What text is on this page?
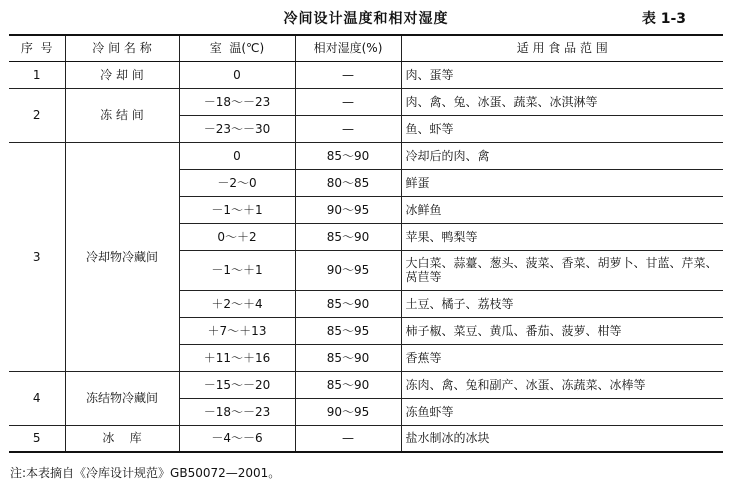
冷间设计温度和相对湿度	表 1-3
序  号	冷 间 名 称	室  温(℃)	相对湿度(%)	适 用 食 品 范 围
1	冷 却 间	0	—	肉、蛋等
2	冻 结 间	－18～－23	—	肉、禽、兔、冰蛋、蔬菜、冰淇淋等
		－23～－30	—	鱼、虾等
3	冷却物冷藏间	0	85～90	冷却后的肉、禽
		－2～0	80～85	鲜蛋
		－1～＋1	90～95	冰鲜鱼
		0～＋2	85～90	苹果、鸭梨等
		－1～＋1	90～95	大白菜、蒜薹、葱头、菠菜、香菜、胡萝卜、甘蓝、芹菜、莴苣等
		＋2～＋4	85～90	土豆、橘子、荔枝等
		＋7～＋13	85～95	柿子椒、菜豆、黄瓜、番茄、菠萝、柑等
		＋11～＋16	85～90	香蕉等
4	冻结物冷藏间	－15～－20	85～90	冻肉、禽、兔和副产、冰蛋、冻蔬菜、冰棒等
		－18～－23	90～95	冻鱼虾等
5	冰    库	－4～－6	—	盐水制冰的冰块
注:本表摘自《冷库设计规范》GB50072—2001。
